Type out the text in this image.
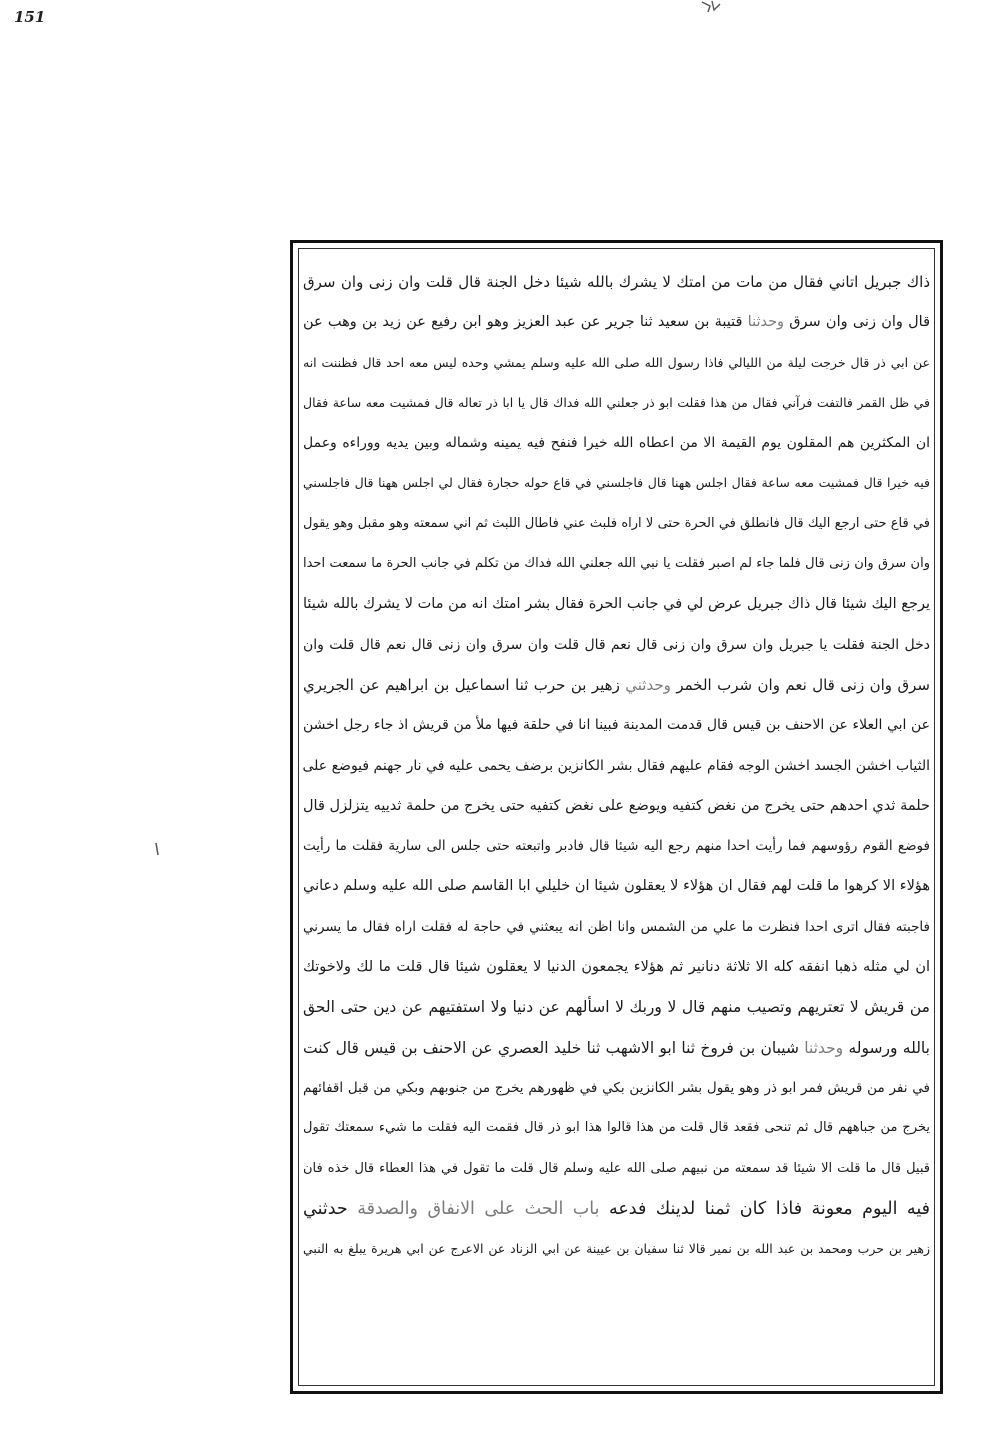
151
ذاك جبريل اتاني فقال من مات من امتك لا يشرك بالله شيئا دخل الجنة قال قلت وان زنى وان سرق
قال وان زنى وان سرق وحدثنا قتيبة بن سعيد ثنا جرير عن عبد العزيز وهو ابن رفيع عن زيد بن وهب عن
عن ابي ذر قال خرجت ليلة من الليالي فاذا رسول الله صلى الله عليه وسلم يمشي وحده ليس معه احد قال فظننت انه
في ظل القمر فالتفت فرآني فقال من هذا فقلت ابو ذر جعلني الله فداك قال يا ابا ذر تعاله قال فمشيت معه ساعة فقال
ان المكثرين هم المقلون يوم القيمة الا من اعطاه الله خيرا فنفح فيه يمينه وشماله وبين يديه ووراءه وعمل
فيه خيرا قال فمشيت معه ساعة فقال اجلس ههنا قال فاجلسني في قاع حوله حجارة فقال لي اجلس ههنا قال فاجلسني
في قاع حتى ارجع اليك قال فانطلق في الحرة حتى لا اراه فلبث عني فاطال اللبث ثم اني سمعته وهو مقبل وهو يقول
وان سرق وان زنى قال فلما جاء لم اصبر فقلت يا نبي الله جعلني الله فداك من تكلم في جانب الحرة ما سمعت احدا
يرجع اليك شيئا قال ذاك جبريل عرض لي في جانب الحرة فقال بشر امتك انه من مات لا يشرك بالله شيئا
دخل الجنة فقلت يا جبريل وان سرق وان زنى قال نعم قال قلت وان سرق وان زنى قال نعم قال قلت وان
سرق وان زنى قال نعم وان شرب الخمر وحدثني زهير بن حرب ثنا اسماعيل بن ابراهيم عن الجريري
عن ابي العلاء عن الاحنف بن قيس قال قدمت المدينة فبينا انا في حلقة فيها ملأ من قريش اذ جاء رجل اخشن
الثياب اخشن الجسد اخشن الوجه فقام عليهم فقال بشر الكانزين برضف يحمى عليه في نار جهنم فيوضع على
حلمة ثدي احدهم حتى يخرج من نغض كتفيه ويوضع على نغض كتفيه حتى يخرج من حلمة ثدييه يتزلزل قال
فوضع القوم رؤوسهم فما رأيت احدا منهم رجع اليه شيئا قال فادبر واتبعته حتى جلس الى سارية فقلت ما رأيت
هؤلاء الا كرهوا ما قلت لهم فقال ان هؤلاء لا يعقلون شيئا ان خليلي ابا القاسم صلى الله عليه وسلم دعاني
فاجبته فقال اترى احدا فنظرت ما علي من الشمس وانا اظن انه يبعثني في حاجة له فقلت اراه فقال ما يسرني
ان لي مثله ذهبا انفقه كله الا ثلاثة دنانير ثم هؤلاء يجمعون الدنيا لا يعقلون شيئا قال قلت ما لك ولاخوتك
من قريش لا تعتريهم وتصيب منهم قال لا وربك لا اسألهم عن دنيا ولا استفتيهم عن دين حتى الحق
بالله ورسوله وحدثنا شيبان بن فروخ ثنا ابو الاشهب ثنا خليد العصري عن الاحنف بن قيس قال كنت
في نفر من قريش فمر ابو ذر وهو يقول بشر الكانزين بكي في ظهورهم يخرج من جنوبهم وبكي من قبل اقفائهم
يخرج من جباههم قال ثم تنحى فقعد قال قلت من هذا قالوا هذا ابو ذر قال فقمت اليه فقلت ما شيء سمعتك تقول
قبيل قال ما قلت الا شيئا قد سمعته من نبيهم صلى الله عليه وسلم قال قلت ما تقول في هذا العطاء قال خذه فان
فيه اليوم معونة فاذا كان ثمنا لدينك فدعه باب الحث على الانفاق والصدقة حدثني
زهير بن حرب ومحمد بن عبد الله بن نمير قالا ثنا سفيان بن عيينة عن ابي الزناد عن الاعرج عن ابي هريرة يبلغ به النبي
